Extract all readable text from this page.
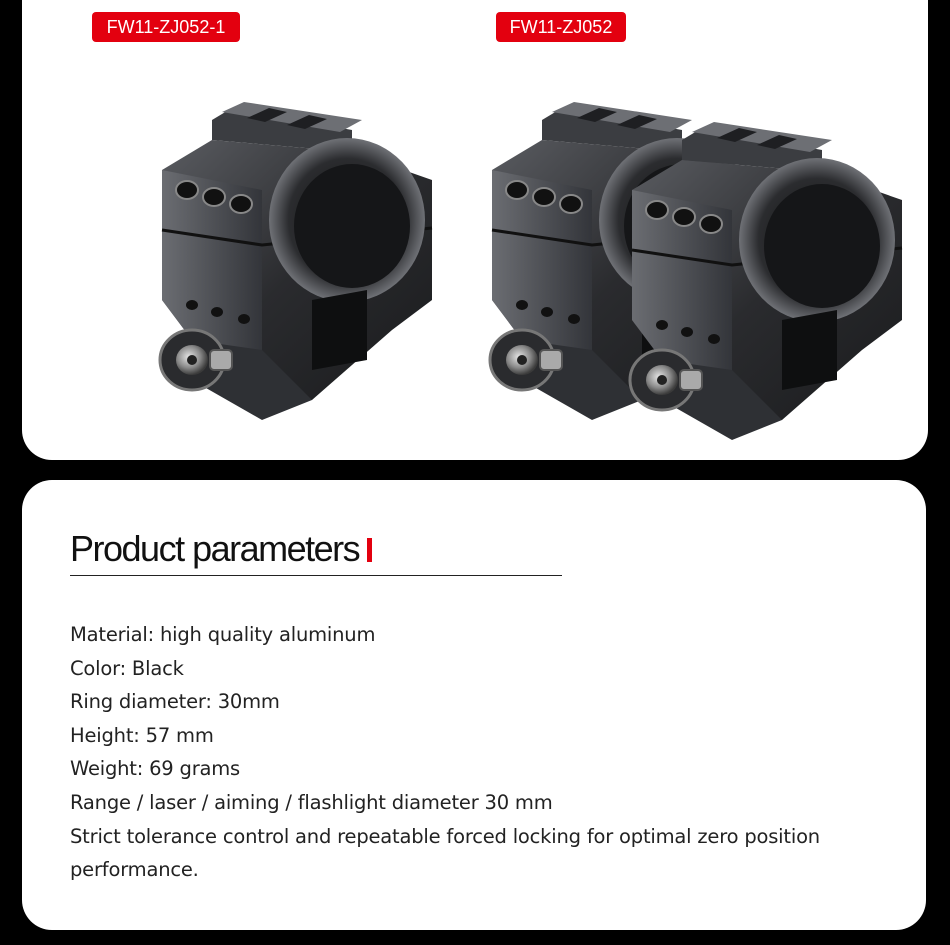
FW11-ZJ052-1	FW11-ZJ052
Product parameters
Material: high quality aluminum
Color: Black
Ring diameter: 30mm
Height: 57 mm
Weight: 69 grams
Range / laser / aiming / flashlight diameter 30 mm
Strict tolerance control and repeatable forced locking for optimal zero position performance.
